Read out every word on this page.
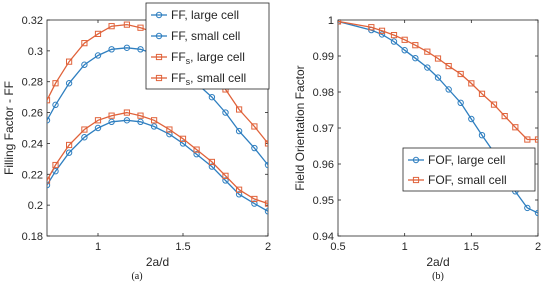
1	1.5	2
0.18
0.2
0.22
0.24
0.26
0.28
0.3
0.32
2a/d
Filling Factor - FF
FF, large cell
FF, small cell
$FF_s$, large cell
$FF_s$, small cell
(a)
0.5	1	1.5	2
0.94
0.95
0.96
0.97
0.98
0.99
1
2a/d
Field Orientation Factor	FOF, large cell
FOF, small cell
(b)
